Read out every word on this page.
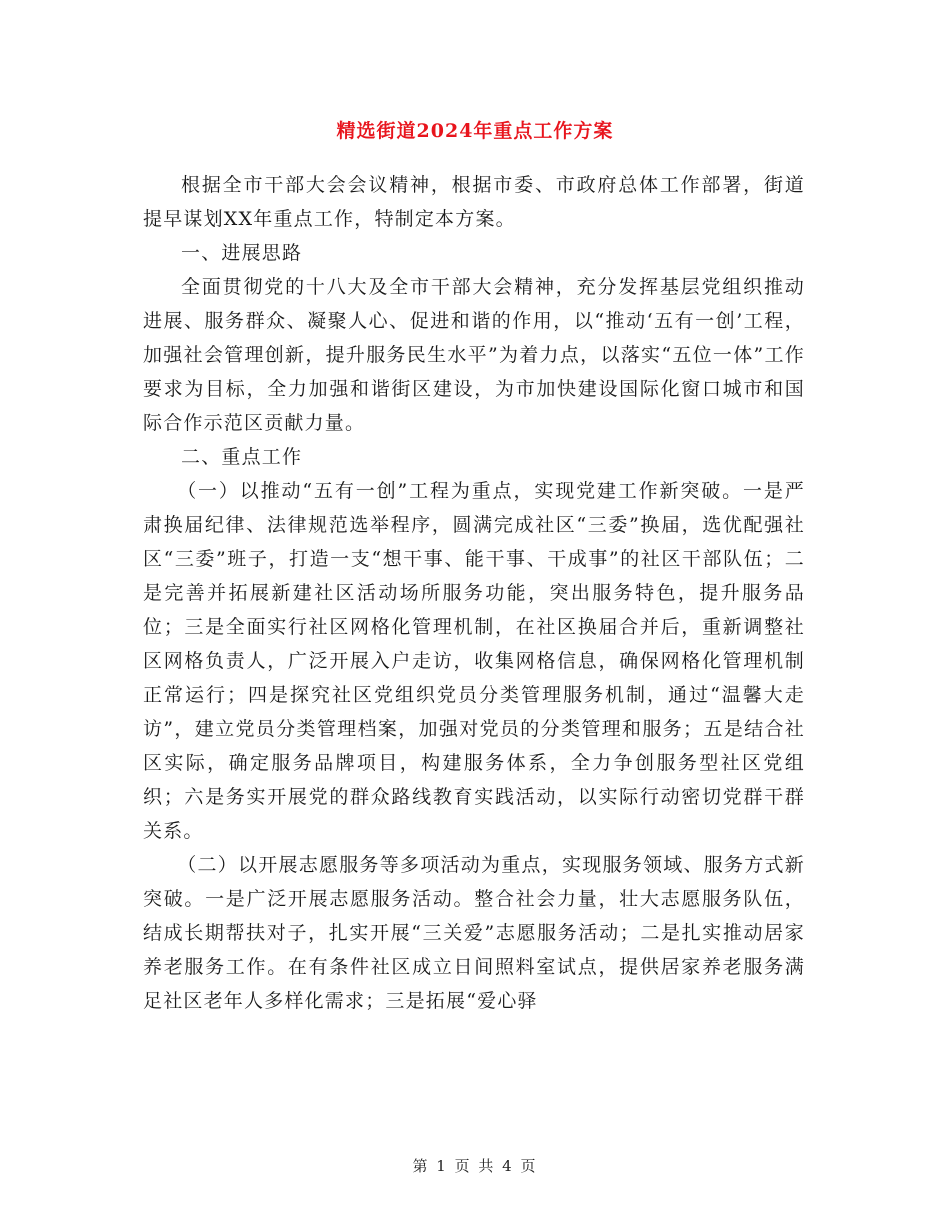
精选街道2024年重点工作方案

根据全市干部大会会议精神，根据市委、市政府总体工作部署，街道提早谋划XX年重点工作，特制定本方案。

一、进展思路

全面贯彻党的十八大及全市干部大会精神，充分发挥基层党组织推动进展、服务群众、凝聚人心、促进和谐的作用，以“推动‘五有一创’工程，加强社会管理创新，提升服务民生水平”为着力点，以落实“五位一体”工作要求为目标，全力加强和谐街区建设，为市加快建设国际化窗口城市和国际合作示范区贡献力量。

二、重点工作

（一）以推动“五有一创”工程为重点，实现党建工作新突破。一是严肃换届纪律、法律规范选举程序，圆满完成社区“三委”换届，选优配强社区“三委”班子，打造一支“想干事、能干事、干成事”的社区干部队伍；二是完善并拓展新建社区活动场所服务功能，突出服务特色，提升服务品位；三是全面实行社区网格化管理机制，在社区换届合并后，重新调整社区网格负责人，广泛开展入户走访，收集网格信息，确保网格化管理机制正常运行；四是探究社区党组织党员分类管理服务机制，通过“温馨大走访”，建立党员分类管理档案，加强对党员的分类管理和服务；五是结合社区实际，确定服务品牌项目，构建服务体系，全力争创服务型社区党组织；六是务实开展党的群众路线教育实践活动，以实际行动密切党群干群关系。

（二）以开展志愿服务等多项活动为重点，实现服务领域、服务方式新突破。一是广泛开展志愿服务活动。整合社会力量，壮大志愿服务队伍，结成长期帮扶对子，扎实开展“三关爱”志愿服务活动；二是扎实推动居家养老服务工作。在有条件社区成立日间照料室试点，提供居家养老服务满足社区老年人多样化需求；三是拓展“爱心驿

第 1 页 共 4 页
